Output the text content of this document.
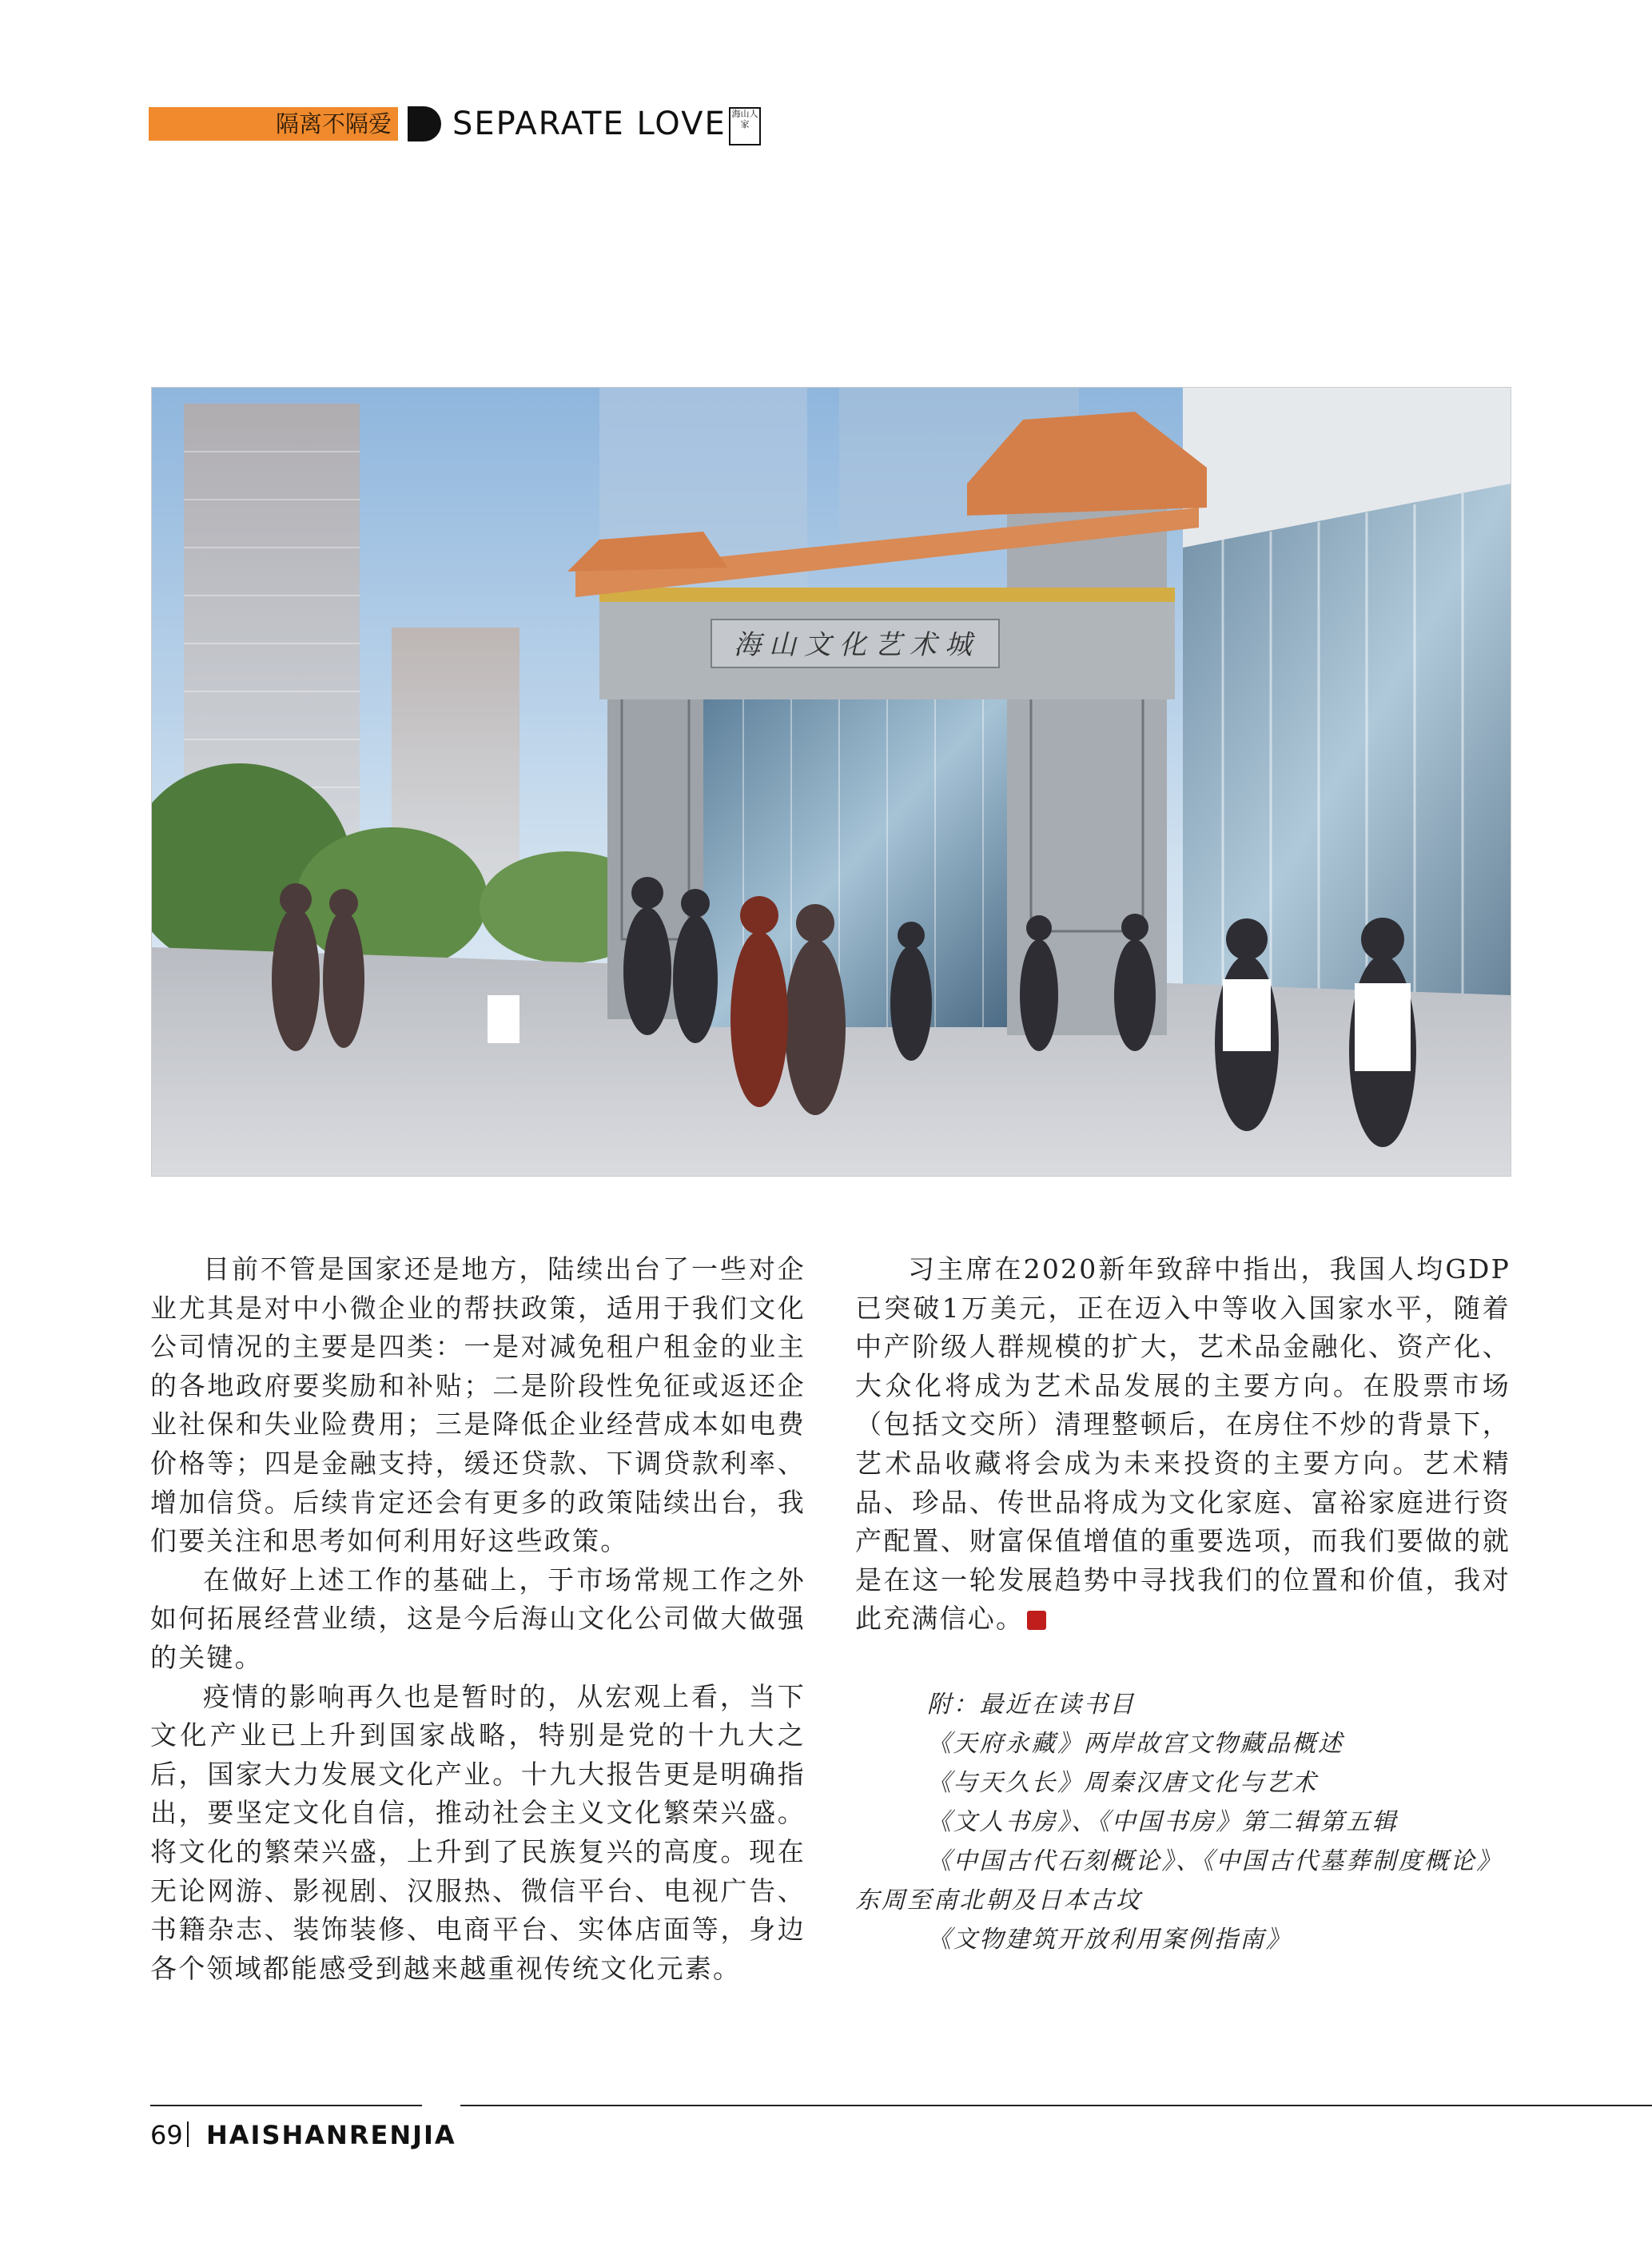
隔离不隔爱 SEPARATE LOVE 海山人家
海山文化艺术城

目前不管是国家还是地方，陆续出台了一些对企业尤其是对中小微企业的帮扶政策，适用于我们文化公司情况的主要是四类：一是对减免租户租金的业主的各地政府要奖励和补贴；二是阶段性免征或返还企业社保和失业险费用；三是降低企业经营成本如电费价格等；四是金融支持，缓还贷款、下调贷款利率、增加信贷。后续肯定还会有更多的政策陆续出台，我们要关注和思考如何利用好这些政策。

在做好上述工作的基础上，于市场常规工作之外如何拓展经营业绩，这是今后海山文化公司做大做强的关键。

疫情的影响再久也是暂时的，从宏观上看，当下文化产业已上升到国家战略，特别是党的十九大之后，国家大力发展文化产业。十九大报告更是明确指出，要坚定文化自信，推动社会主义文化繁荣兴盛。将文化的繁荣兴盛，上升到了民族复兴的高度。现在无论网游、影视剧、汉服热、微信平台、电视广告、书籍杂志、装饰装修、电商平台、实体店面等，身边各个领域都能感受到越来越重视传统文化元素。

习主席在2020新年致辞中指出，我国人均GDP已突破1万美元，正在迈入中等收入国家水平，随着中产阶级人群规模的扩大，艺术品金融化、资产化、大众化将成为艺术品发展的主要方向。在股票市场（包括文交所）清理整顿后，在房住不炒的背景下，艺术品收藏将会成为未来投资的主要方向。艺术精品、珍品、传世品将成为文化家庭、富裕家庭进行资产配置、财富保值增值的重要选项，而我们要做的就是在这一轮发展趋势中寻找我们的位置和价值，我对此充满信心。

附：最近在读书目
《天府永藏》两岸故宫文物藏品概述
《与天久长》周秦汉唐文化与艺术
《文人书房》、《中国书房》第二辑第五辑
《中国古代石刻概论》、《中国古代墓葬制度概论》东周至南北朝及日本古坟
《文物建筑开放利用案例指南》
69 HAISHANRENJIA
